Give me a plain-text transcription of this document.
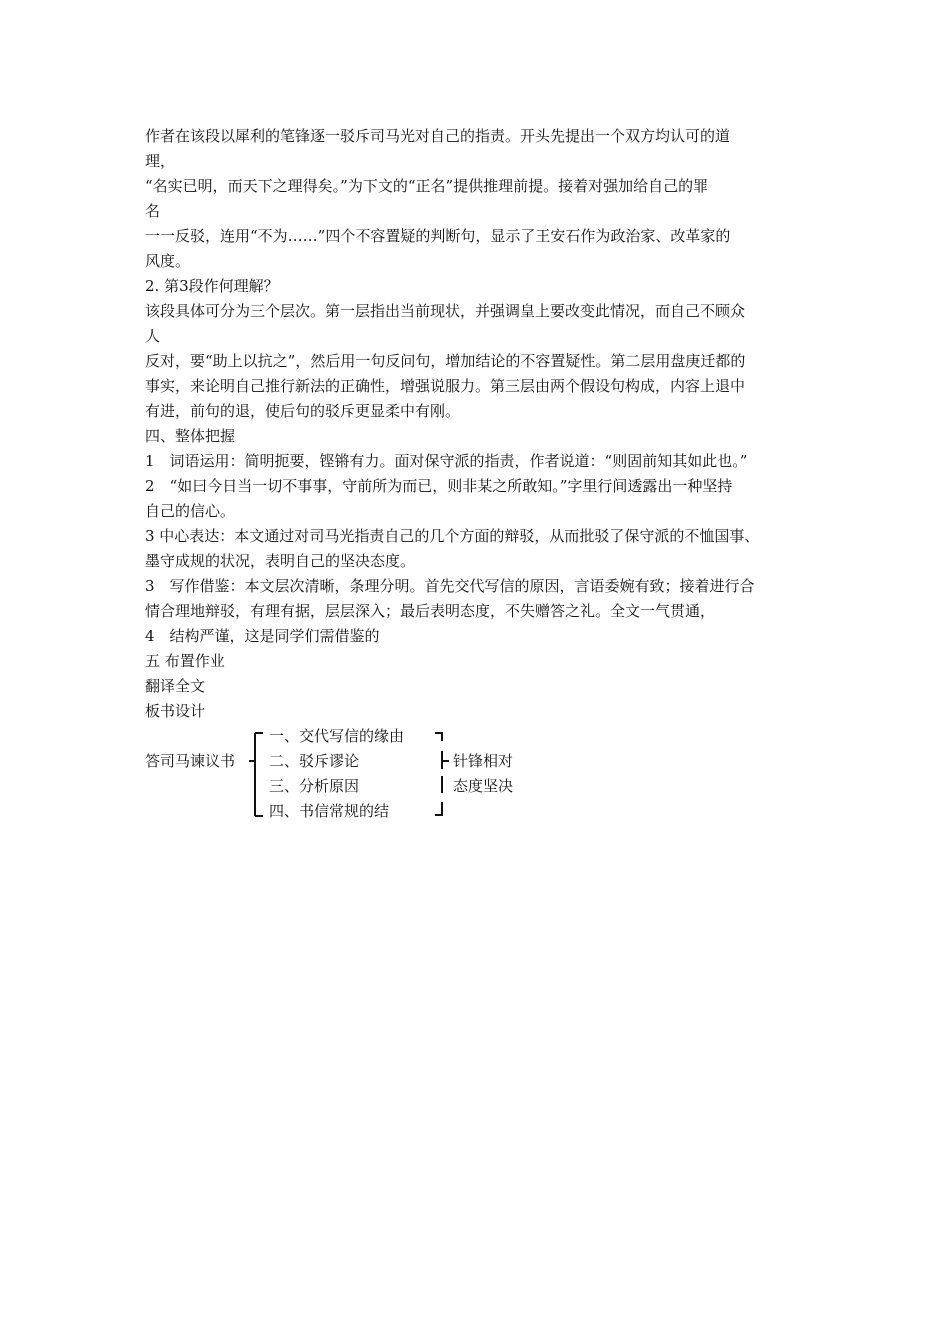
作者在该段以犀利的笔锋逐一驳斥司马光对自己的指责。开头先提出一个双方均认可的道
理，
“名实已明，而天下之理得矣。”为下文的“正名”提供推理前提。接着对强加给自己的罪
名
一一反驳，连用“不为……”四个不容置疑的判断句，显示了王安石作为政治家、改革家的
风度。
2. 第3段作何理解？
该段具体可分为三个层次。第一层指出当前现状，并强调皇上要改变此情况，而自己不顾众
人
反对，要“助上以抗之”，然后用一句反问句，增加结论的不容置疑性。第二层用盘庚迁都的
事实，来论明自己推行新法的正确性，增强说服力。第三层由两个假设句构成，内容上退中
有进，前句的退，使后句的驳斥更显柔中有刚。
四、整体把握
1　词语运用：简明扼要，铿锵有力。面对保守派的指责，作者说道：“则固前知其如此也。”
2　“如曰今日当一切不事事，守前所为而已，则非某之所敢知。”字里行间透露出一种坚持
自己的信心。
3 中心表达：本文通过对司马光指责自己的几个方面的辩驳，从而批驳了保守派的不恤国事、
墨守成规的状况，表明自己的坚决态度。
3　写作借鉴：本文层次清晰，条理分明。首先交代写信的原因，言语委婉有致；接着进行合
情合理地辩驳，有理有据，层层深入；最后表明态度，不失赠答之礼。全文一气贯通，
4　结构严谨，这是同学们需借鉴的
五 布置作业
翻译全文
板书设计
答司马谏议书
一、交代写信的缘由
二、驳斥谬论
三、分析原因
四、书信常规的结
针锋相对
态度坚决
